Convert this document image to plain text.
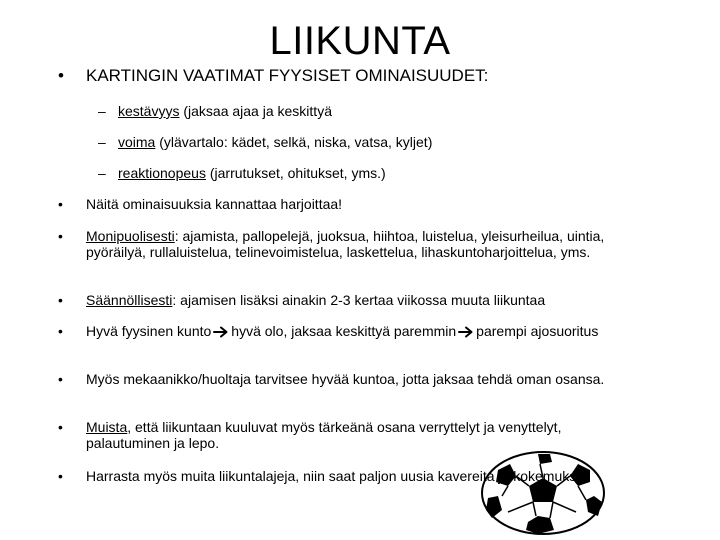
LIIKUNTA
• KARTINGIN VAATIMAT FYYSISET OMINAISUUDET:
– kestävyys (jaksaa ajaa ja keskittyä
– voima (ylävartalo: kädet, selkä, niska, vatsa, kyljet)
– reaktionopeus (jarrutukset, ohitukset, yms.)
• Näitä ominaisuuksia kannattaa harjoittaa!
• Monipuolisesti: ajamista, pallopelejä, juoksua, hiihtoa, luistelua, yleisurheilua, uintia, pyöräilyä, rullaluistelua, telinevoimistelua, laskettelua, lihaskuntoharjoittelua, yms.
• Säännöllisesti: ajamisen lisäksi ainakin 2-3 kertaa viikossa muuta liikuntaa
• Hyvä fyysinen kunto hyvä olo, jaksaa keskittyä paremmin parempi ajosuoritus
• Myös mekaanikko/huoltaja tarvitsee hyvää kuntoa, jotta jaksaa tehdä oman osansa.
• Muista, että liikuntaan kuuluvat myös tärkeänä osana verryttelyt ja venyttelyt, palautuminen ja lepo.
• Harrasta myös muita liikuntalajeja, niin saat paljon uusia kavereita ja kokemuksia.
